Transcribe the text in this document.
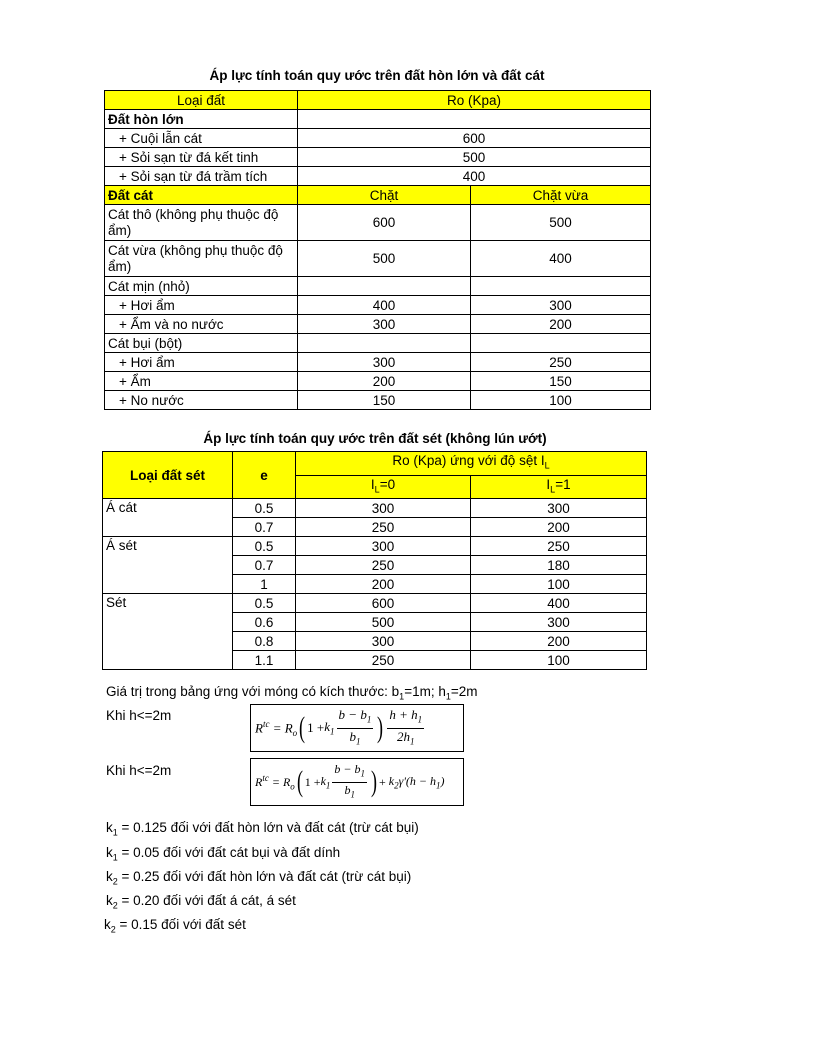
Áp lực tính toán quy ước trên đất hòn lớn và đất cát
Loại đất	Ro (Kpa)	
Đất hòn lớn		
+ Cuội lẫn cát	600	
+ Sỏi sạn từ đá kết tinh	500	
+ Sỏi sạn từ đá trầm tích	400	
Đất cát	Chặt	Chặt vừa
Cát thô (không phụ thuộc độ ẩm)	600	500
Cát vừa (không phụ thuộc độ ẩm)	500	400
Cát mịn (nhỏ)		
+ Hơi ẩm	400	300
+ Ẩm và no nước	300	200
Cát bụi (bột)		
+ Hơi ẩm	300	250
+ Ẩm	200	150
+ No nước	150	100
Áp lực tính toán quy ước trên đất sét (không lún ướt)
Loại đất sét	e	Ro (Kpa) ứng với độ sệt $I_L$
		$I_L=0$	$I_L=1$
Á cát	0.5	300	300
	0.7	250	200
Á sét	0.5	300	250
	0.7	250	180
	1	200	100
Sét	0.5	600	400
	0.6	500	300
	0.8	300	200
	1.1	250	100
Giá trị trong bảng ứng với móng có kích thước: $b_1=1m$; $h_1=2m$
Khi h<=2m
$R^{tc} = R_o$ ( $1 + k_1 \frac{b - b_1}{b_1}$ ) $\frac{h + h_1}{2h_1}$
Khi h<=2m
$R^{tc} = R_o$ ( $1 + k_1 \frac{b - b_1}{b_1}$ ) +
$k_2\gamma'(h - h_1)$
$k_1 = 0.125$ đối với đất hòn lớn và đất cát (trừ cát bụi)
$k_1 = 0.05$ đối với đất cát bụi và đất dính
$k_2 = 0.25$ đối với đất hòn lớn và đất cát (trừ cát bụi)
$k_2 = 0.20$ đối với đất á cát, á sét
$k_2 = 0.15$ đối với đất sét
